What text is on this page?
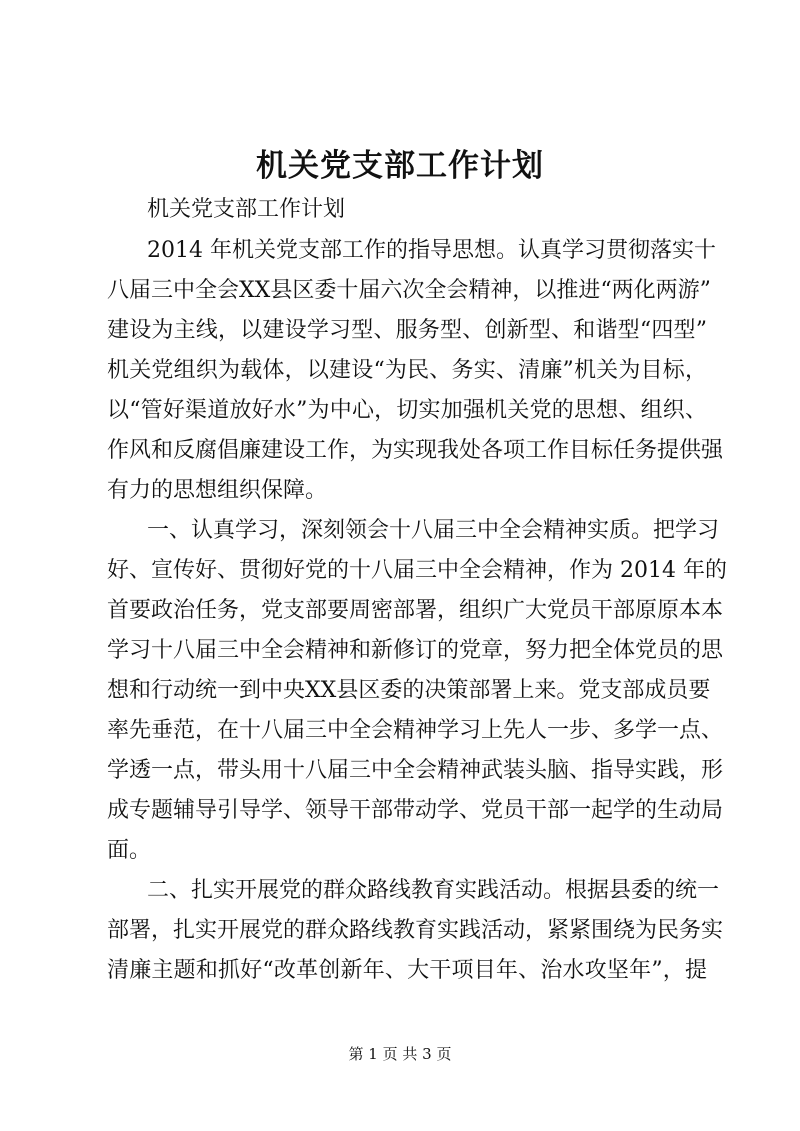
机关党支部工作计划

机关党支部工作计划

2014 年机关党支部工作的指导思想。认真学习贯彻落实十

八届三中全会XX县区委十届六次全会精神，以推进“两化两游”

建设为主线，以建设学习型、服务型、创新型、和谐型“四型”

机关党组织为载体，以建设“为民、务实、清廉”机关为目标，

以“管好渠道放好水”为中心，切实加强机关党的思想、组织、

作风和反腐倡廉建设工作，为实现我处各项工作目标任务提供强

有力的思想组织保障。

一、认真学习，深刻领会十八届三中全会精神实质。把学习

好、宣传好、贯彻好党的十八届三中全会精神，作为 2014 年的

首要政治任务，党支部要周密部署，组织广大党员干部原原本本

学习十八届三中全会精神和新修订的党章，努力把全体党员的思

想和行动统一到中央XX县区委的决策部署上来。党支部成员要

率先垂范，在十八届三中全会精神学习上先人一步、多学一点、

学透一点，带头用十八届三中全会精神武装头脑、指导实践，形

成专题辅导引导学、领导干部带动学、党员干部一起学的生动局

面。

二、扎实开展党的群众路线教育实践活动。根据县委的统一

部署，扎实开展党的群众路线教育实践活动，紧紧围绕为民务实

清廉主题和抓好“改革创新年、大干项目年、治水攻坚年”，提

第 1 页 共 3 页
